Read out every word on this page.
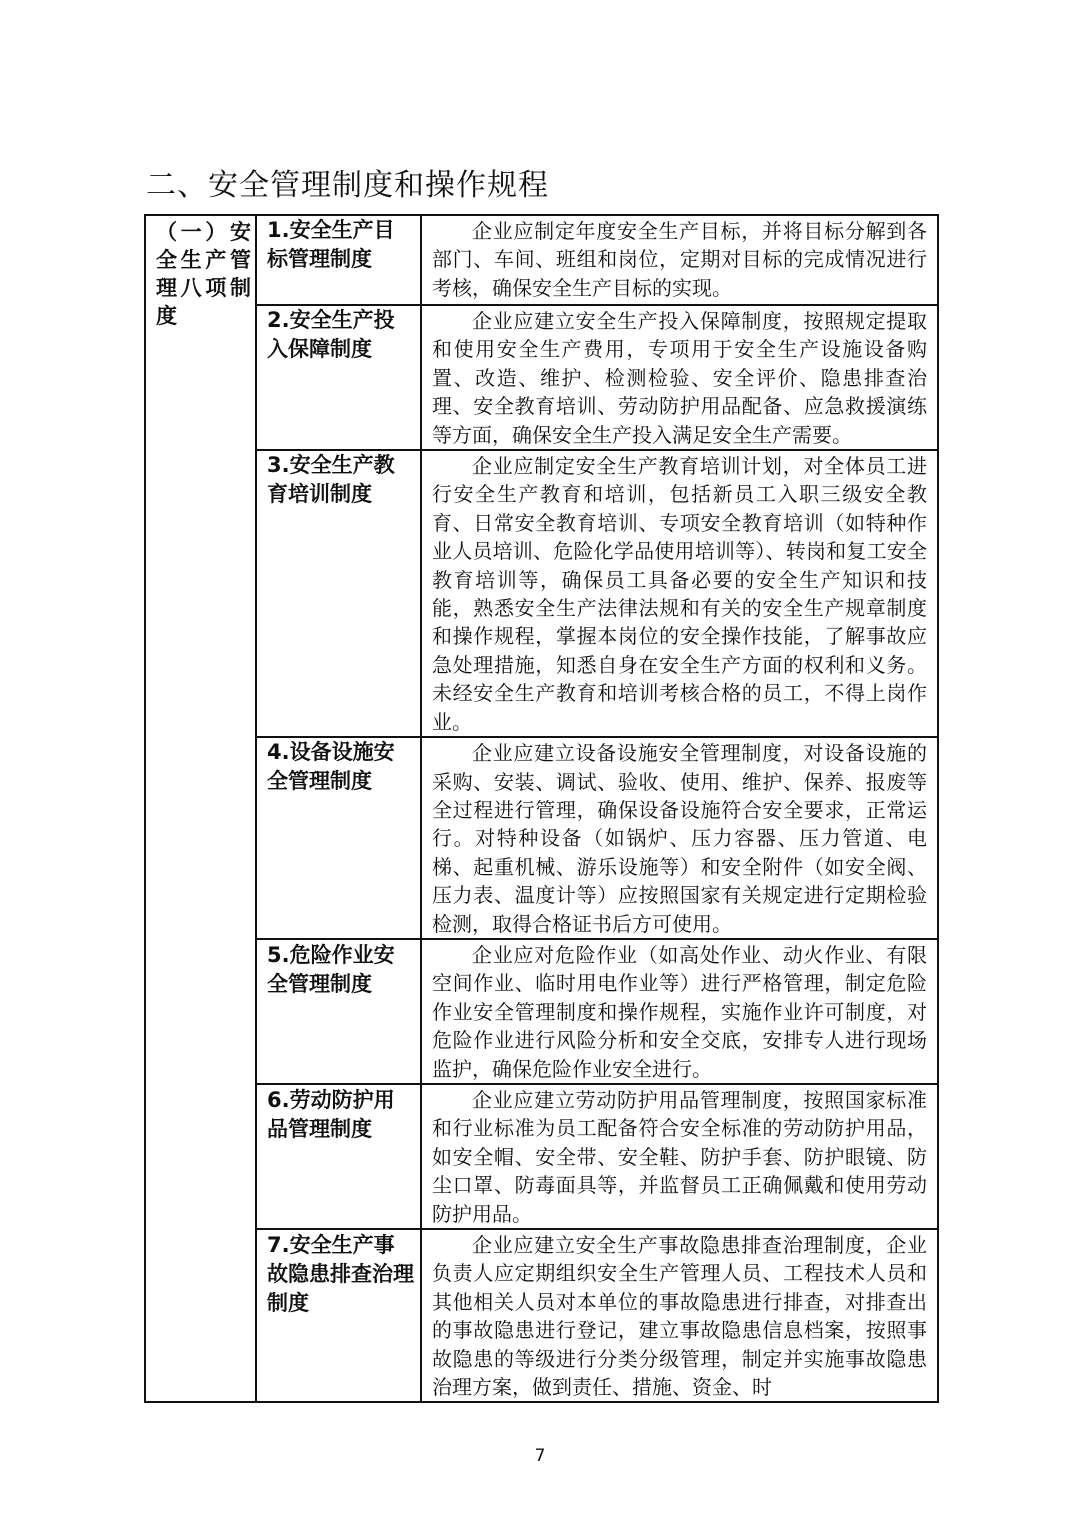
二、安全管理制度和操作规程
（一）安全生产管理八项制度	1.安全生产目标管理制度	企业应制定年度安全生产目标，并将目标分解到各部门、车间、班组和岗位，定期对目标的完成情况进行考核，确保安全生产目标的实现。

	2.安全生产投入保障制度	企业应建立安全生产投入保障制度，按照规定提取和使用安全生产费用，专项用于安全生产设施设备购置、改造、维护、检测检验、安全评价、隐患排查治理、安全教育培训、劳动防护用品配备、应急救援演练等方面，确保安全生产投入满足安全生产需要。

	3.安全生产教育培训制度	企业应制定安全生产教育培训计划，对全体员工进行安全生产教育和培训，包括新员工入职三级安全教育、日常安全教育培训、专项安全教育培训（如特种作业人员培训、危险化学品使用培训等）、转岗和复工安全教育培训等，确保员工具备必要的安全生产知识和技能，熟悉安全生产法律法规和有关的安全生产规章制度和操作规程，掌握本岗位的安全操作技能，了解事故应急处理措施，知悉自身在安全生产方面的权利和义务。未经安全生产教育和培训考核合格的员工，不得上岗作业。

	4.设备设施安全管理制度	企业应建立设备设施安全管理制度，对设备设施的采购、安装、调试、验收、使用、维护、保养、报废等全过程进行管理，确保设备设施符合安全要求，正常运行。对特种设备（如锅炉、压力容器、压力管道、电梯、起重机械、游乐设施等）和安全附件（如安全阀、压力表、温度计等）应按照国家有关规定进行定期检验检测，取得合格证书后方可使用。

	5.危险作业安全管理制度	企业应对危险作业（如高处作业、动火作业、有限空间作业、临时用电作业等）进行严格管理，制定危险作业安全管理制度和操作规程，实施作业许可制度，对危险作业进行风险分析和安全交底，安排专人进行现场监护，确保危险作业安全进行。

	6.劳动防护用品管理制度	企业应建立劳动防护用品管理制度，按照国家标准和行业标准为员工配备符合安全标准的劳动防护用品，如安全帽、安全带、安全鞋、防护手套、防护眼镜、防尘口罩、防毒面具等，并监督员工正确佩戴和使用劳动防护用品。

	7.安全生产事故隐患排查治理制度	企业应建立安全生产事故隐患排查治理制度，企业负责人应定期组织安全生产管理人员、工程技术人员和其他相关人员对本单位的事故隐患进行排查，对排查出的事故隐患进行登记，建立事故隐患信息档案，按照事故隐患的等级进行分类分级管理，制定并实施事故隐患治理方案，做到责任、措施、资金、时
7
